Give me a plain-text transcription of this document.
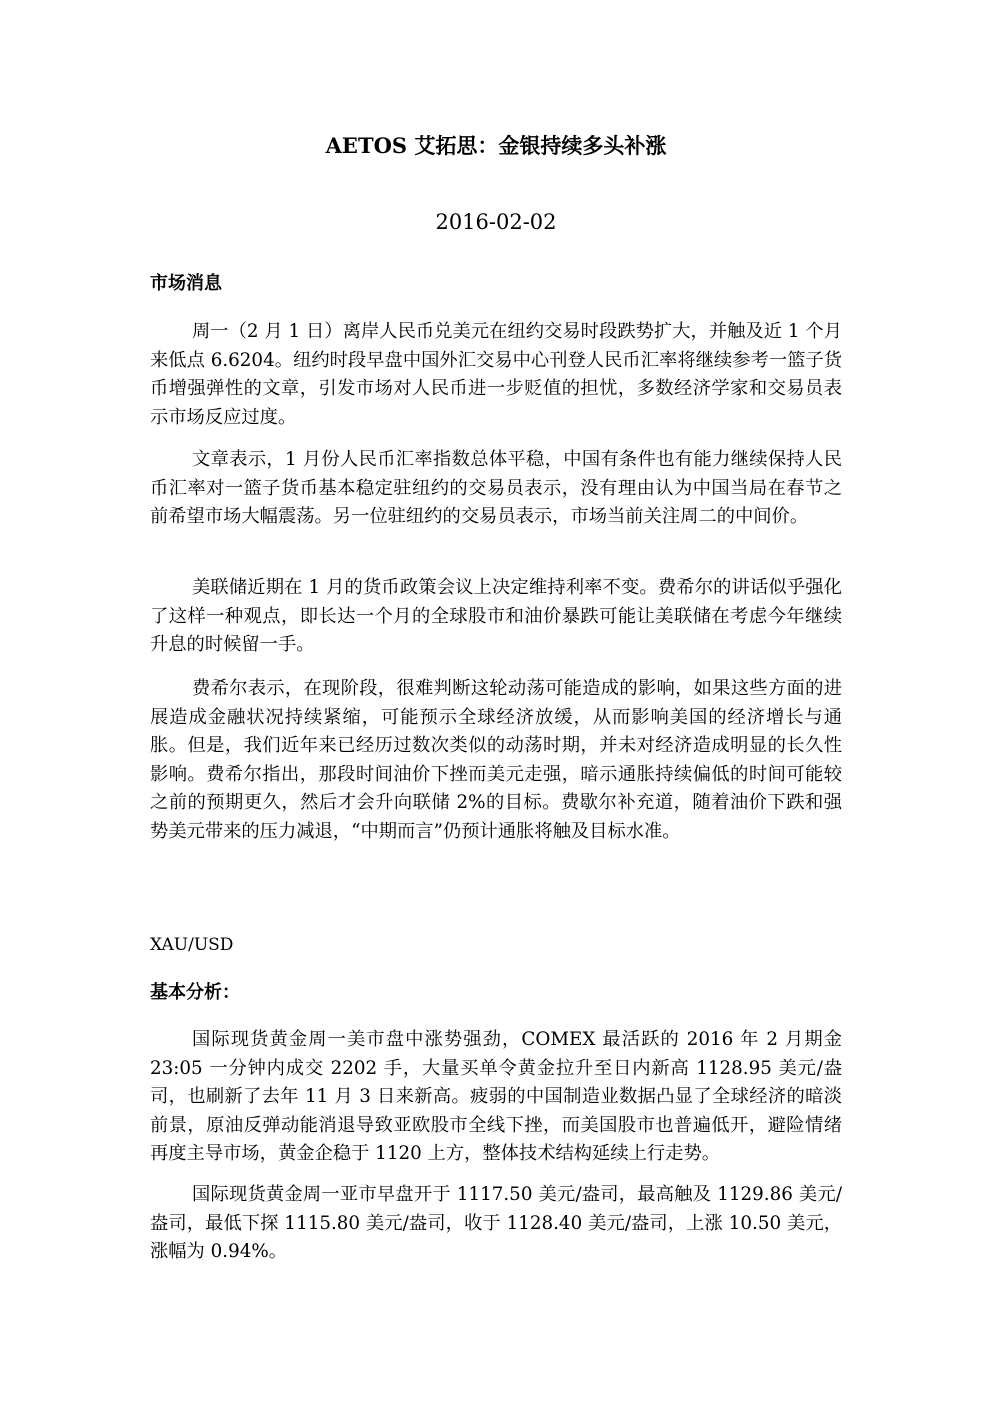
AETOS 艾拓思：金银持续多头补涨
2016-02-02
市场消息

周一（2 月 1 日）离岸人民币兑美元在纽约交易时段跌势扩大，并触及近 1 个月来低点 6.6204。纽约时段早盘中国外汇交易中心刊登人民币汇率将继续参考一篮子货币增强弹性的文章，引发市场对人民币进一步贬值的担忧，多数经济学家和交易员表示市场反应过度。

文章表示，1 月份人民币汇率指数总体平稳，中国有条件也有能力继续保持人民币汇率对一篮子货币基本稳定驻纽约的交易员表示，没有理由认为中国当局在春节之前希望市场大幅震荡。另一位驻纽约的交易员表示，市场当前关注周二的中间价。

美联储近期在 1 月的货币政策会议上决定维持利率不变。费希尔的讲话似乎强化了这样一种观点，即长达一个月的全球股市和油价暴跌可能让美联储在考虑今年继续升息的时候留一手。

费希尔表示，在现阶段，很难判断这轮动荡可能造成的影响，如果这些方面的进展造成金融状况持续紧缩，可能预示全球经济放缓，从而影响美国的经济增长与通胀。但是，我们近年来已经历过数次类似的动荡时期，并未对经济造成明显的长久性影响。费希尔指出，那段时间油价下挫而美元走强，暗示通胀持续偏低的时间可能较之前的预期更久，然后才会升向联储 2%的目标。费歇尔补充道，随着油价下跌和强势美元带来的压力减退，“中期而言”仍预计通胀将触及目标水准。

XAU/USD
基本分析：

国际现货黄金周一美市盘中涨势强劲，COMEX 最活跃的 2016 年 2 月期金 23:05 一分钟内成交 2202 手，大量买单令黄金拉升至日内新高 1128.95 美元/盎司，也刷新了去年 11 月 3 日来新高。疲弱的中国制造业数据凸显了全球经济的暗淡前景，原油反弹动能消退导致亚欧股市全线下挫，而美国股市也普遍低开，避险情绪再度主导市场，黄金企稳于 1120 上方，整体技术结构延续上行走势。

国际现货黄金周一亚市早盘开于 1117.50 美元/盎司，最高触及 1129.86 美元/盎司，最低下探 1115.80 美元/盎司，收于 1128.40 美元/盎司，上涨 10.50 美元，涨幅为 0.94%。
